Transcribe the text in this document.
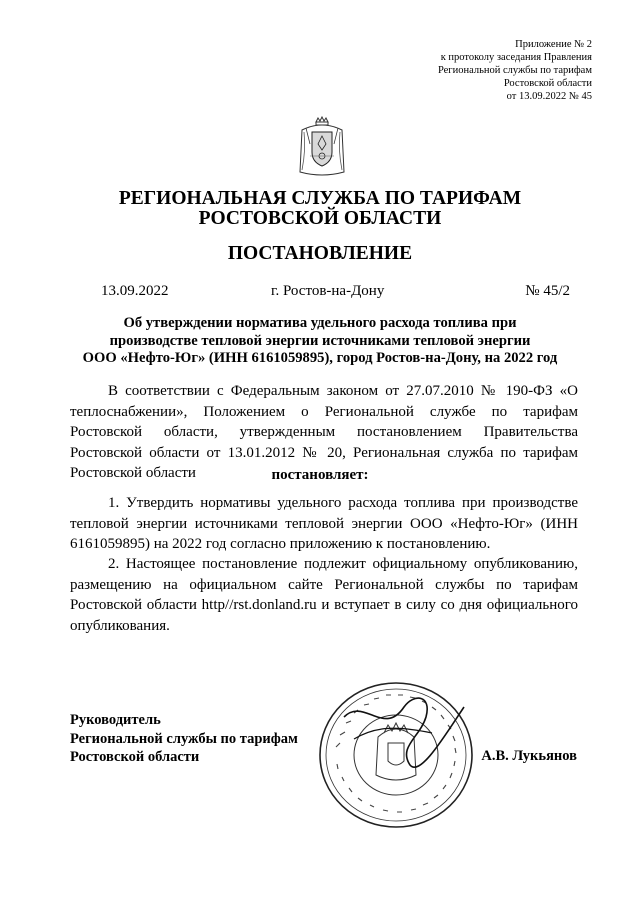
Приложение № 2
к протоколу заседания Правления
Региональной службы по тарифам
Ростовской области
от 13.09.2022 № 45
РЕГИОНАЛЬНАЯ СЛУЖБА ПО ТАРИФАМ
РОСТОВСКОЙ ОБЛАСТИ
ПОСТАНОВЛЕНИЕ
13.09.2022	г. Ростов-на-Дону	№ 45/2
Об утверждении норматива удельного расхода топлива при
производстве тепловой энергии источниками тепловой энергии
ООО «Нефто-Юг» (ИНН 6161059895), город Ростов-на-Дону, на 2022 год

В соответствии с Федеральным законом от 27.07.2010 № 190-ФЗ «О теплоснабжении», Положением о Региональной службе по тарифам Ростовской области, утвержденным постановлением Правительства Ростовской области от 13.01.2012 № 20, Региональная служба по тарифам Ростовской области	постановляет:

1. Утвердить нормативы удельного расхода топлива при производстве тепловой энергии источниками тепловой энергии ООО «Нефто-Юг» (ИНН 6161059895) на 2022 год согласно приложению к постановлению.

2. Настоящее постановление подлежит официальному опубликованию, размещению на официальном сайте Региональной службы по тарифам Ростовской области http//rst.donland.ru и вступает в силу со дня официального опубликования.

Руководитель
Региональной службы по тарифам
Ростовской области	А.В. Лукьянов
